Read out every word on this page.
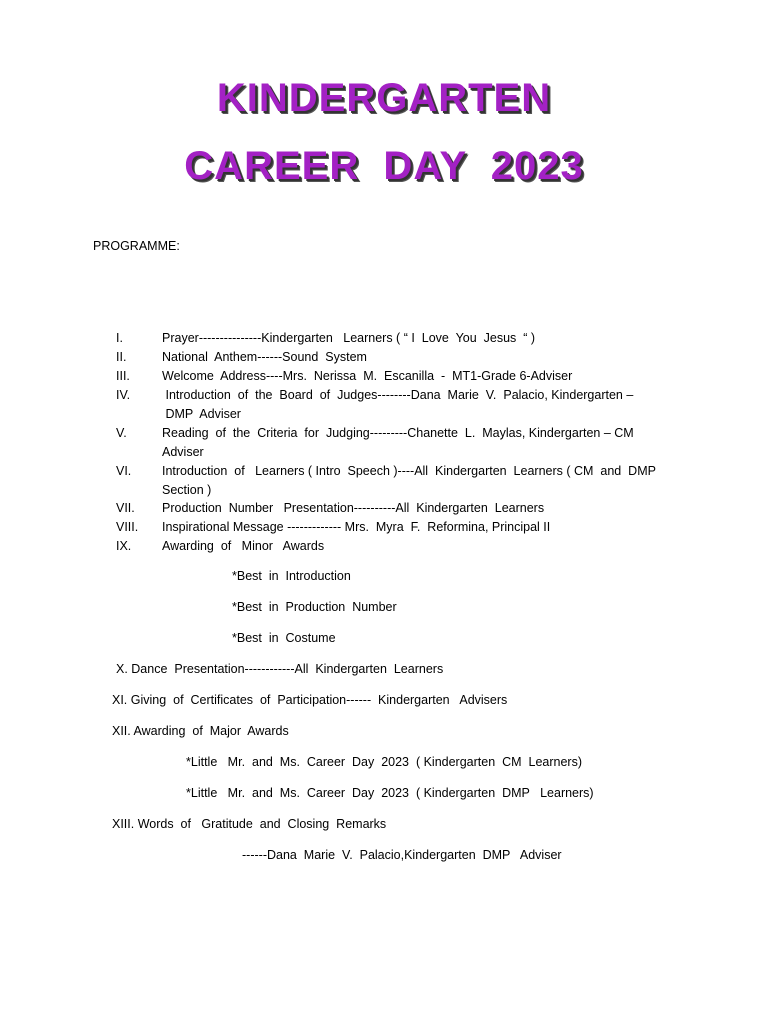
KINDERGARTEN
CAREER  DAY  2023
PROGRAMME:
I.	Prayer---------------Kindergarten   Learners ( “ I  Love  You  Jesus  “ )
II.	National  Anthem------Sound  System
III.	Welcome  Address----Mrs.  Nerissa  M.  Escanilla  -  MT1-Grade 6-Adviser
IV.	Introduction  of  the  Board  of  Judges--------Dana  Marie  V.  Palacio, Kindergarten –
DMP  Adviser
V.	Reading  of  the  Criteria  for  Judging---------Chanette  L.  Maylas, Kindergarten – CM
Adviser
VI.	Introduction  of   Learners ( Intro  Speech )----All  Kindergarten  Learners ( CM  and  DMP
Section )
VII.	Production  Number   Presentation----------All  Kindergarten  Learners
VIII.	Inspirational Message ------------- Mrs.  Myra  F.  Reformina, Principal II
IX.	Awarding  of   Minor   Awards
*Best  in  Introduction
*Best  in  Production  Number
*Best  in  Costume
X. Dance  Presentation------------All  Kindergarten  Learners
XI. Giving  of  Certificates  of  Participation------  Kindergarten   Advisers
XII. Awarding  of  Major  Awards
*Little   Mr.  and  Ms.  Career  Day  2023  ( Kindergarten  CM  Learners)
*Little   Mr.  and  Ms.  Career  Day  2023  ( Kindergarten  DMP   Learners)
XIII. Words  of   Gratitude  and  Closing  Remarks
------Dana  Marie  V.  Palacio,Kindergarten  DMP   Adviser
